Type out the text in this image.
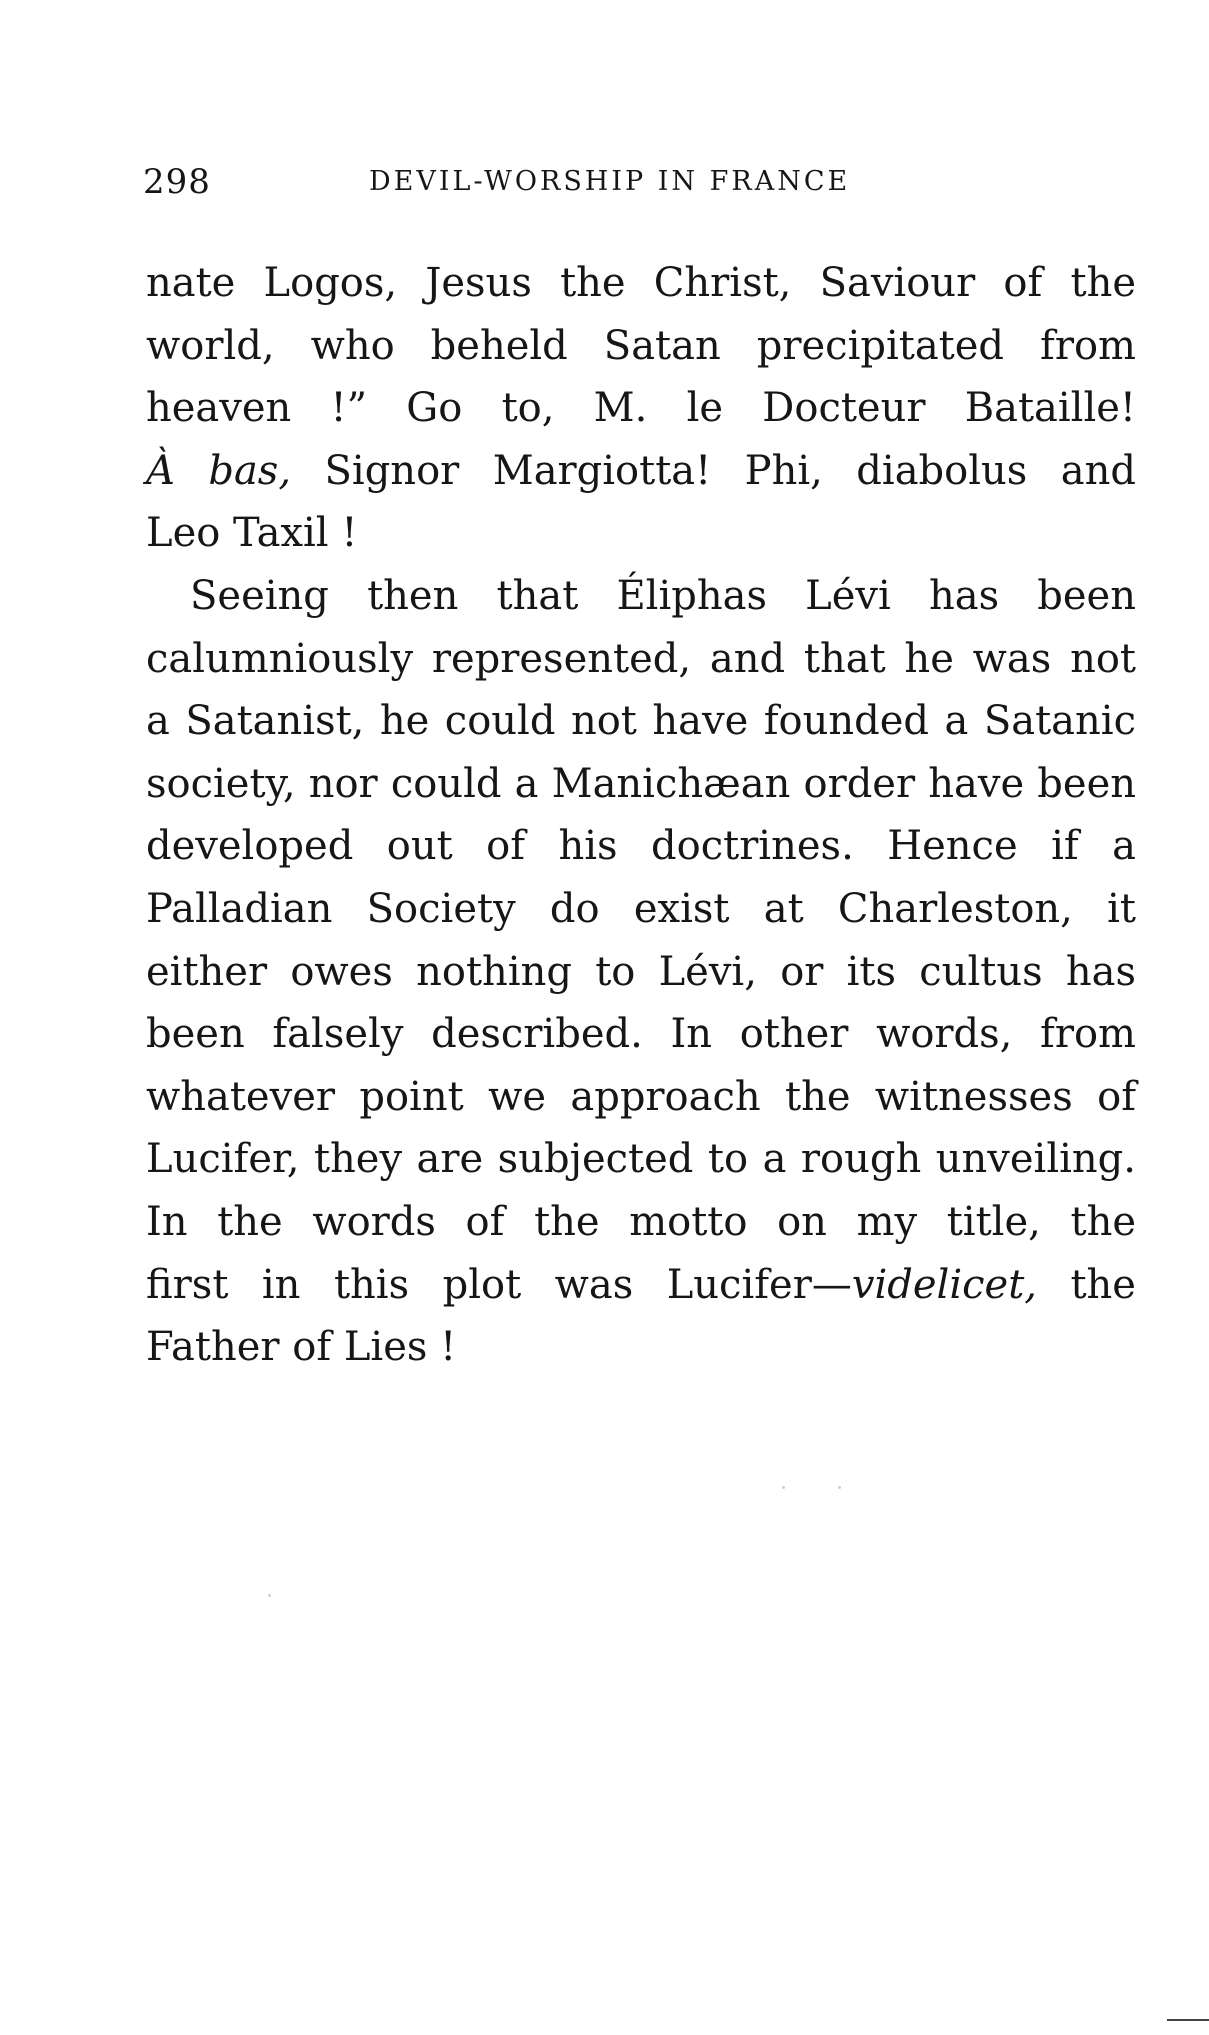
298	DEVIL-WORSHIP IN FRANCE
nate Logos, Jesus the Christ, Saviour of the
world, who beheld Satan precipitated from
heaven !” Go to, M. le Docteur Bataille!
À bas, Signor Margiotta! Phi, diabolus and
Leo Taxil !
Seeing then that Éliphas Lévi has been
calumniously represented, and that he was not
a Satanist, he could not have founded a Satanic
society, nor could a Manichæan order have been
developed out of his doctrines. Hence if a
Palladian Society do exist at Charleston, it
either owes nothing to Lévi, or its cultus has
been falsely described. In other words, from
whatever point we approach the witnesses of
Lucifer, they are subjected to a rough unveiling.
In the words of the motto on my title, the
first in this plot was Lucifer—videlicet, the
Father of Lies !
